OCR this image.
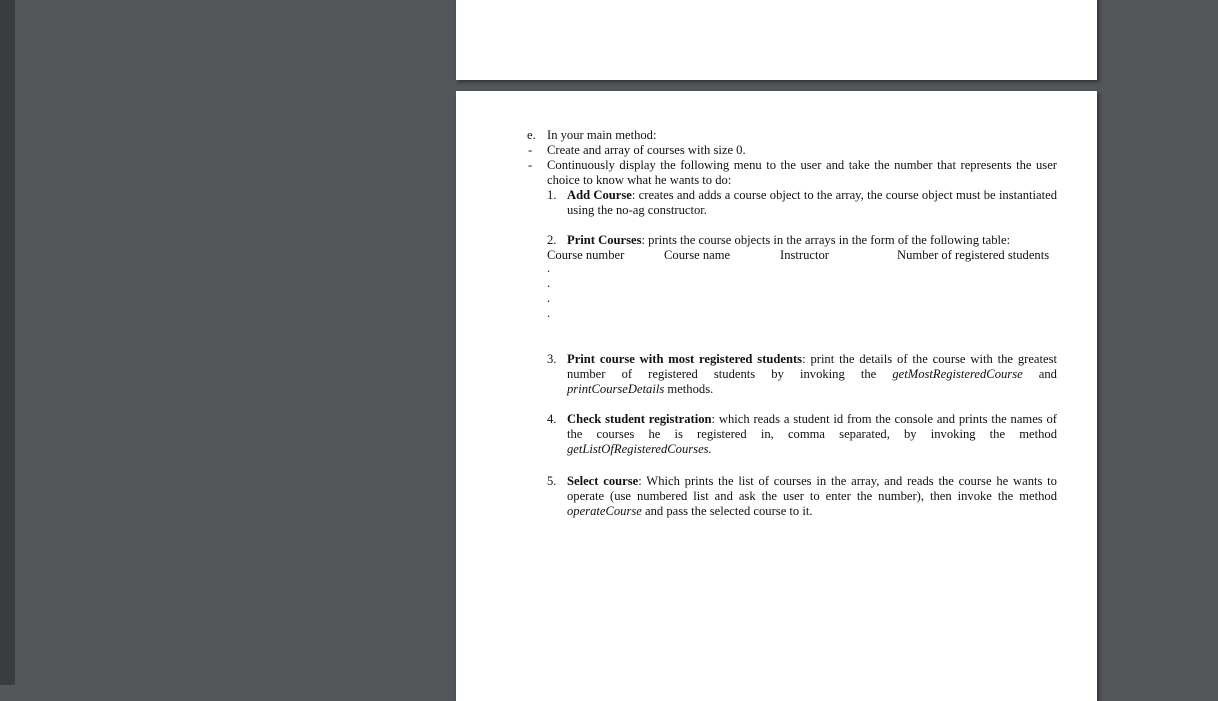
e. In your main method:
- Create and array of courses with size 0.
- Continuously display the following menu to the user and take the number that represents the user
choice to know what he wants to do:
1. Add Course: creates and adds a course object to the array, the course object must be instantiated
using the no-ag constructor.
2. Print Courses: prints the course objects in the arrays in the form of the following table:
Course number	Course name	Instructor	Number of registered students
.
.
.
.
3. Print course with most registered students: print the details of the course with the greatest
number of registered students by invoking the getMostRegisteredCourse and
printCourseDetails methods.
4. Check student registration: which reads a student id from the console and prints the names of
the courses he is registered in, comma separated, by invoking the method
getListOfRegisteredCourses.
5. Select course: Which prints the list of courses in the array, and reads the course he wants to
operate (use numbered list and ask the user to enter the number), then invoke the method
operateCourse and pass the selected course to it.
